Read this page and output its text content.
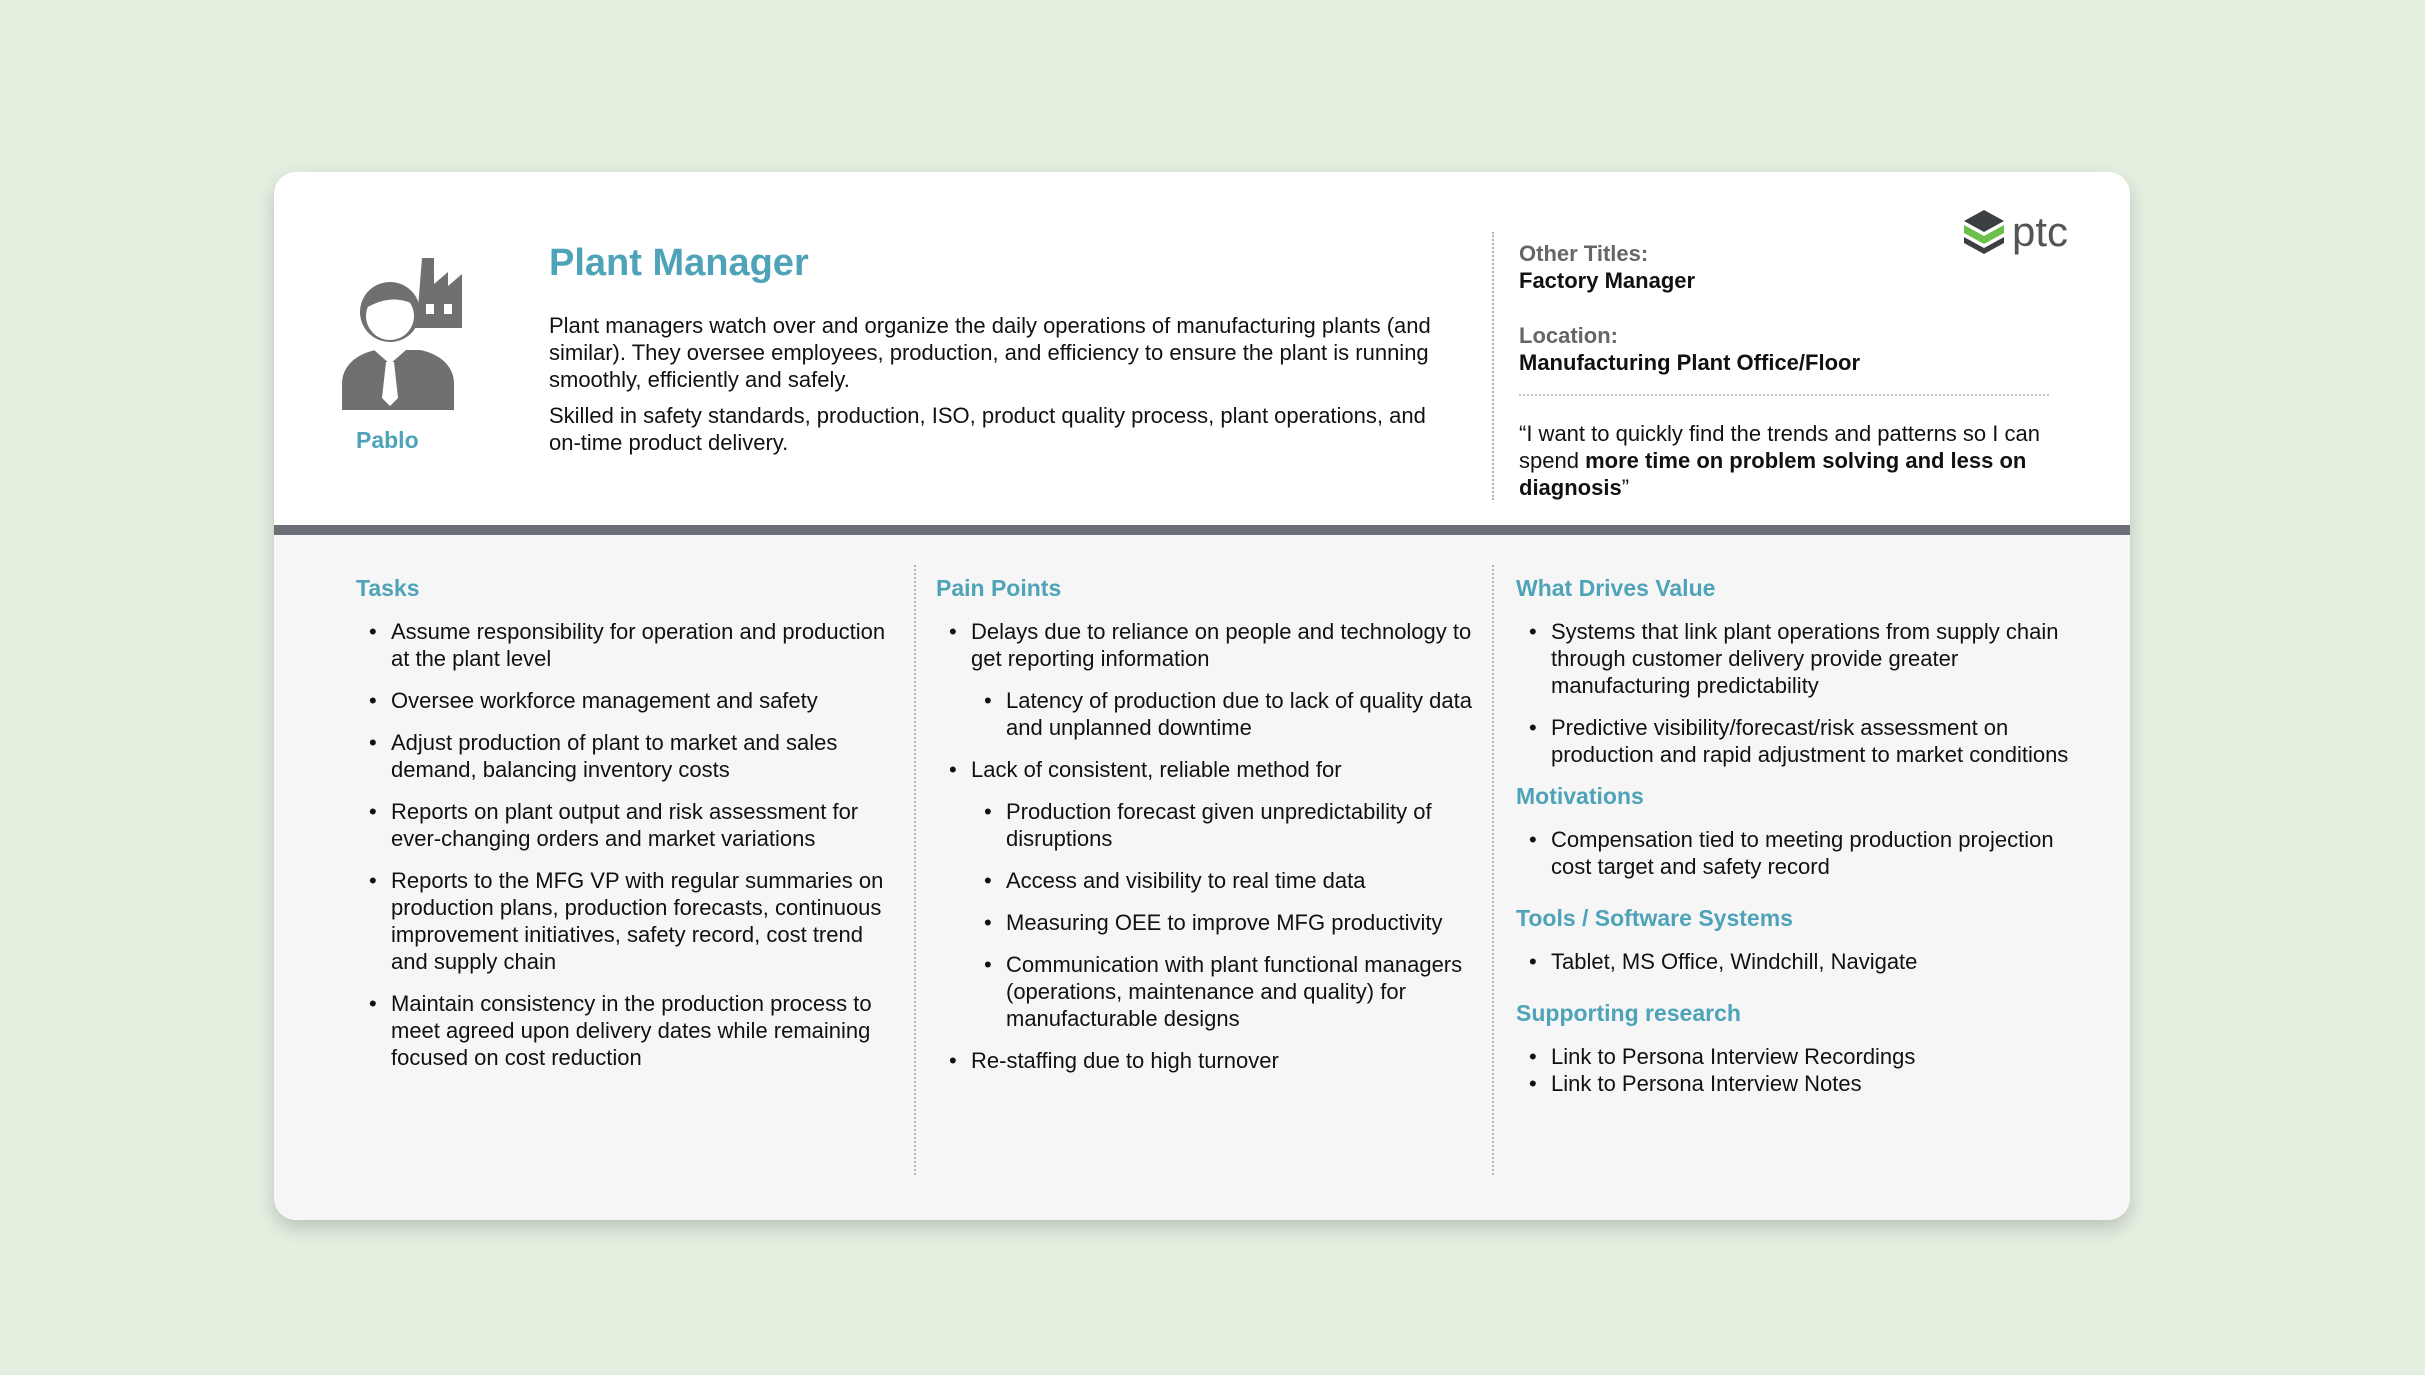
Pablo
Plant Manager

Plant managers watch over and organize the daily operations of manufacturing plants (and similar). They oversee employees, production, and efficiency to ensure the plant is running smoothly, efficiently and safely.

Skilled in safety standards, production, ISO, product quality process, plant operations, and on-time product delivery.

Other Titles:
Factory Manager
Location:
Manufacturing Plant Office/Floor
“I want to quickly find the trends and patterns so I can spend more time on problem solving and less on diagnosis”
ptc
Tasks
• Assume responsibility for operation and production at the plant level
• Oversee workforce management and safety
• Adjust production of plant to market and sales demand, balancing inventory costs
• Reports on plant output and risk assessment for ever-changing orders and market variations
• Reports to the MFG VP with regular summaries on production plans, production forecasts, continuous improvement initiatives, safety record, cost trend and supply chain
• Maintain consistency in the production process to meet agreed upon delivery dates while remaining focused on cost reduction
Pain Points
• Delays due to reliance on people and technology to get reporting information
• Latency of production due to lack of quality data and unplanned downtime
• Lack of consistent, reliable method for
• Production forecast given unpredictability of disruptions
• Access and visibility to real time data
• Measuring OEE to improve MFG productivity
• Communication with plant functional managers (operations, maintenance and quality) for manufacturable designs
• Re-staffing due to high turnover
What Drives Value
• Systems that link plant operations from supply chain through customer delivery provide greater manufacturing predictability
• Predictive visibility/forecast/risk assessment on production and rapid adjustment to market conditions
Motivations
• Compensation tied to meeting production projection cost target and safety record
Tools / Software Systems
• Tablet, MS Office, Windchill, Navigate
Supporting research
• Link to Persona Interview Recordings
• Link to Persona Interview Notes
